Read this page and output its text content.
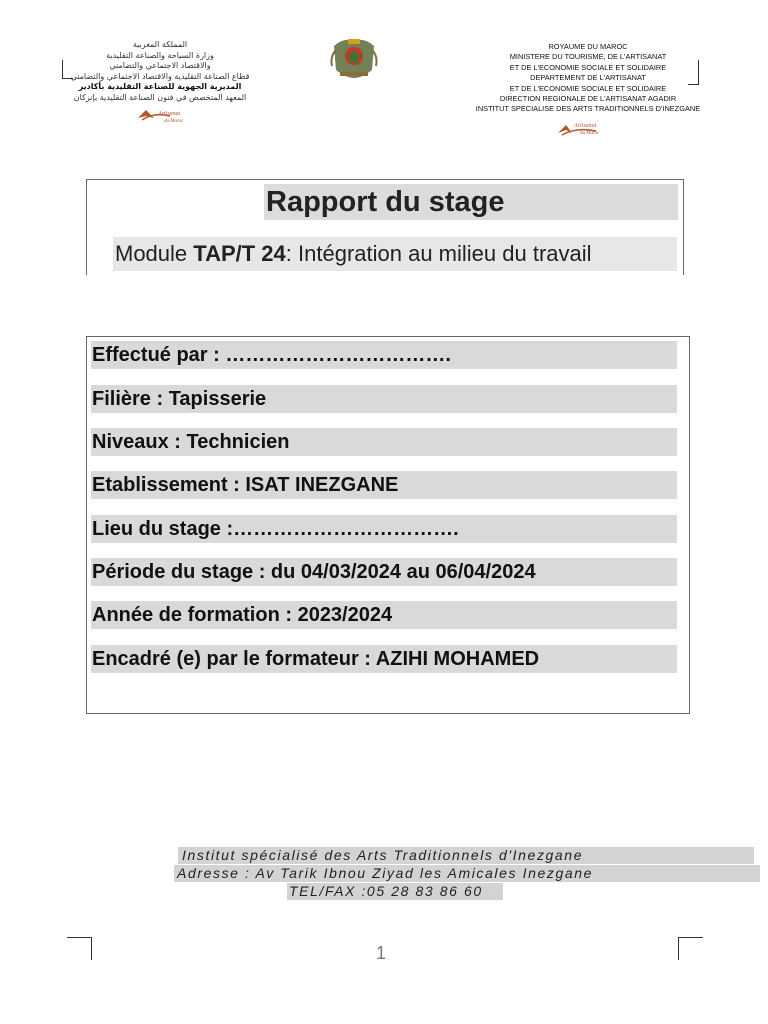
المملكة المغربية
وزارة السياحة والصناعة التقليدية
والاقتصاد الاجتماعي والتضامني
قطاع الصناعة التقليدية والاقتصاد الاجتماعي والتضامني
المديرية الجهوية للصناعة التقليدية بأكادير
المعهد المتخصص في فنون الصناعة التقليدية بإنزكان
Artisanat
du Maroc
ROYAUME DU MAROC
MINISTERE DU TOURISME, DE L'ARTISANAT
ET DE L'ECONOMIE SOCIALE ET SOLIDAIRE
DEPARTEMENT DE L'ARTISANAT
ET DE L'ECONOMIE SOCIALE ET SOLIDAIRE
DIRECTION REGIONALE DE L'ARTISANAT AGADIR
INSTITUT SPECIALISE DES ARTS TRADITIONNELS D'INEZGANE
Artisanat
du Maroc
Rapport du stage
Module TAP/T 24: Intégration au milieu du travail
Effectué par : …………………………….
Filière : Tapisserie
Niveaux : Technicien
Etablissement : ISAT INEZGANE
Lieu du stage :…………………………….
Période du stage : du 04/03/2024 au 06/04/2024
Année de formation : 2023/2024
Encadré (e) par le formateur : AZIHI MOHAMED
Institut spécialisé des Arts Traditionnels d'Inezgane
Adresse : Av Tarik Ibnou Ziyad les Amicales Inezgane
TEL/FAX :05 28 83 86 60
1
